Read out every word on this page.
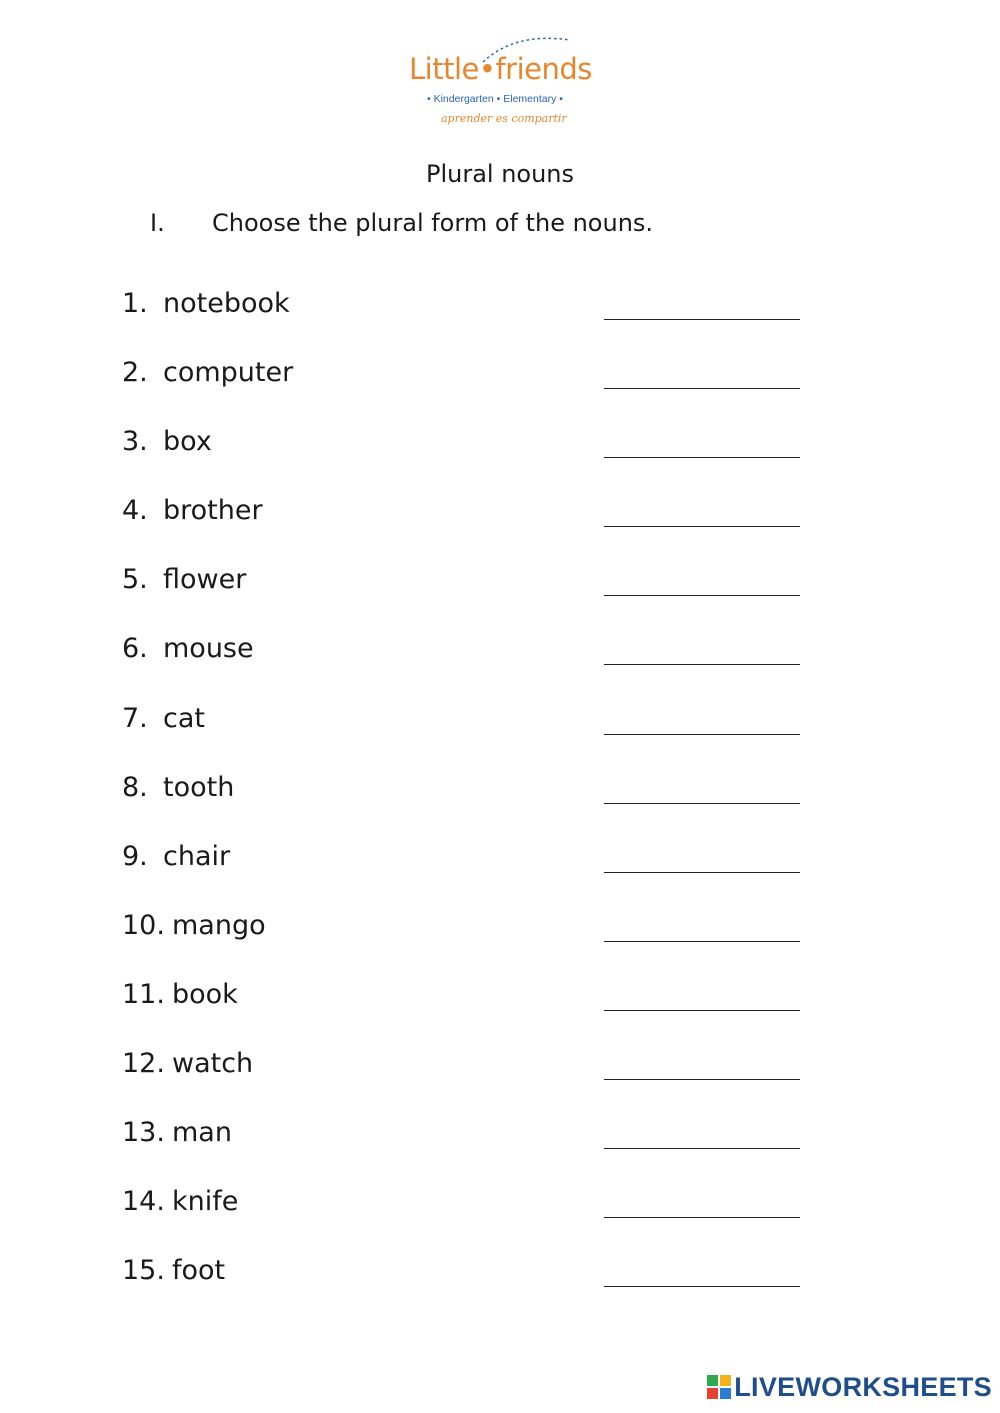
Little•friends
• Kindergarten • Elementary •
aprender es compartir
Plural nouns
I. Choose the plural form of the nouns.
1. notebook
2. computer
3. box
4. brother
5. flower
6. mouse
7. cat
8. tooth
9. chair
10. mango
11. book
12. watch
13. man
14. knife
15. foot
LIVEWORKSHEETS
